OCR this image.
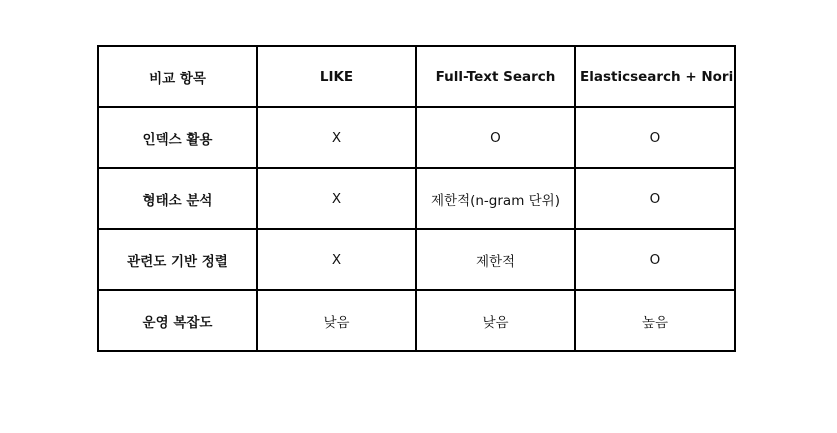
비교 항목	LIKE	Full-Text Search	Elasticsearch + Nori
인덱스 활용	X	O	O
형태소 분석	X	제한적(n-gram 단위)	O
관련도 기반 정렬	X	제한적	O
운영 복잡도	낮음	낮음	높음
